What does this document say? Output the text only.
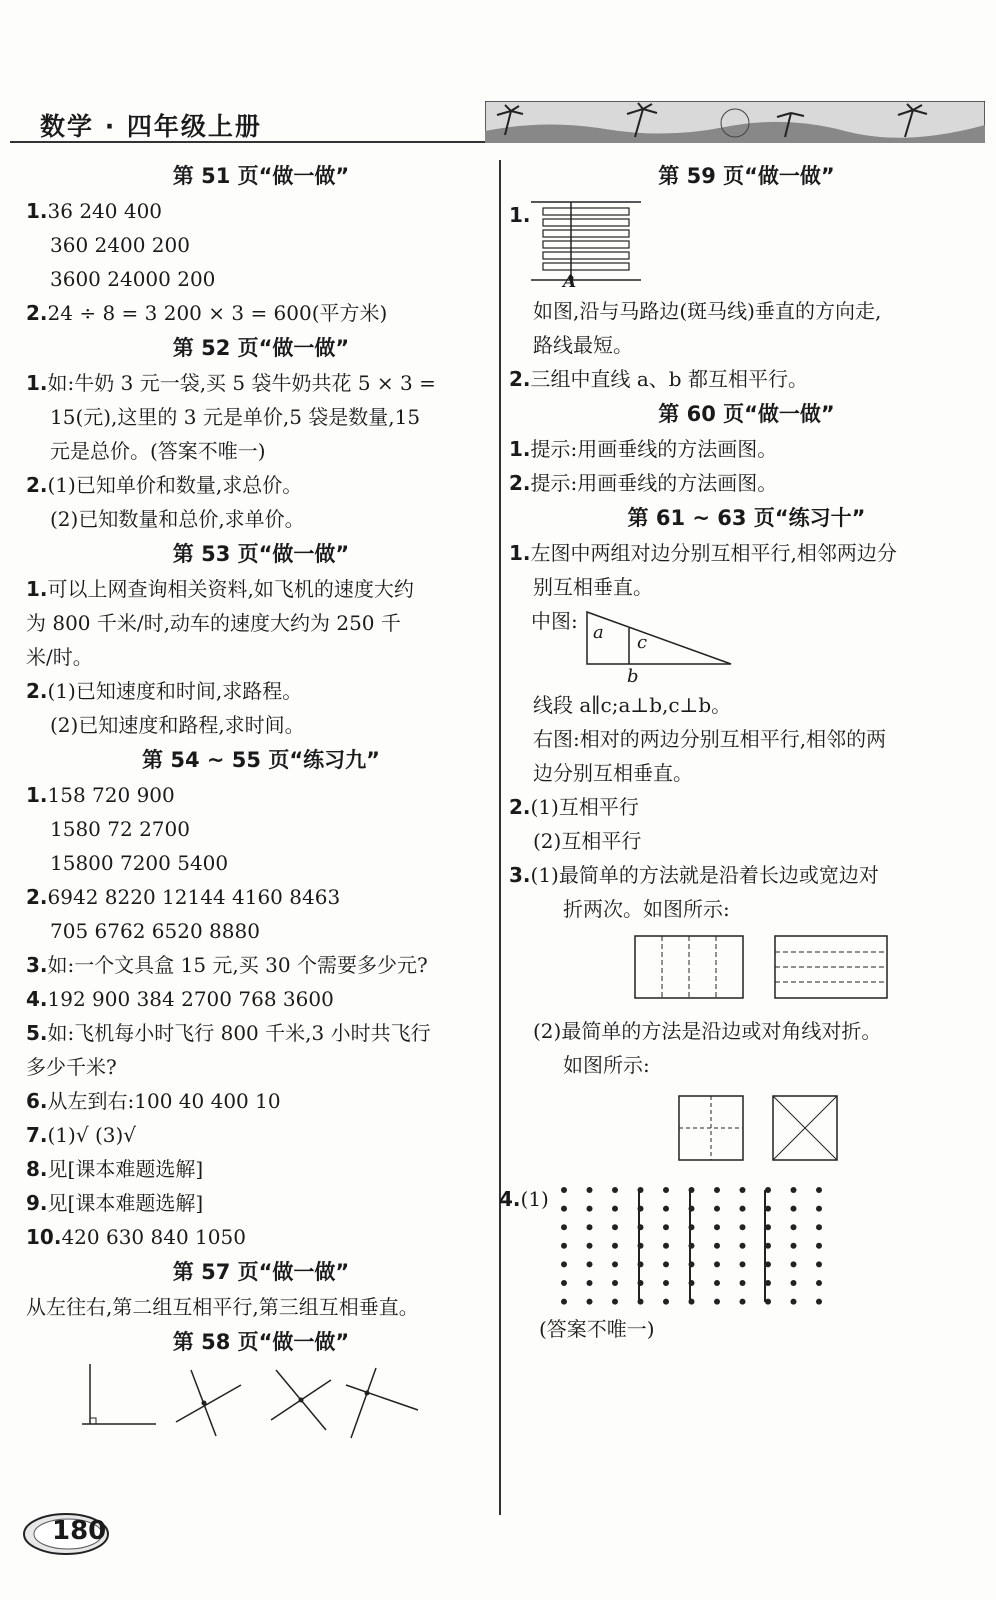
数学 · 四年级上册
第 51 页“做一做”
1.36 240 400
360 2400 200
3600 24000 200
2.24 ÷ 8 = 3 200 × 3 = 600(平方米)
第 52 页“做一做”
1.如:牛奶 3 元一袋,买 5 袋牛奶共花 5 × 3 =
15(元),这里的 3 元是单价,5 袋是数量,15
元是总价。(答案不唯一)
2.(1)已知单价和数量,求总价。
(2)已知数量和总价,求单价。
第 53 页“做一做”
1.可以上网查询相关资料,如飞机的速度大约
为 800 千米/时,动车的速度大约为 250 千
米/时。
2.(1)已知速度和时间,求路程。
(2)已知速度和路程,求时间。
第 54 ~ 55 页“练习九”
1.158 720 900
1580 72 2700
15800 7200 5400
2.6942 8220 12144 4160 8463
705 6762 6520 8880
3.如:一个文具盒 15 元,买 30 个需要多少元?
4.192 900 384 2700 768 3600
5.如:飞机每小时飞行 800 千米,3 小时共飞行
多少千米?
6.从左到右:100 40 400 10
7.(1)√ (3)√
8.见[课本难题选解]
9.见[课本难题选解]
10.420 630 840 1050
第 57 页“做一做”
从左往右,第二组互相平行,第三组互相垂直。
第 58 页“做一做”
第 59 页“做一做”
1.
A
如图,沿与马路边(斑马线)垂直的方向走,
路线最短。
2.三组中直线 a、b 都互相平行。
第 60 页“做一做”
1.提示:用画垂线的方法画图。
2.提示:用画垂线的方法画图。
第 61 ~ 63 页“练习十”
1.左图中两组对边分别互相平行,相邻两边分
别互相垂直。
中图: a c
b
线段 a∥c;a⊥b,c⊥b。
右图:相对的两边分别互相平行,相邻的两
边分别互相垂直。
2.(1)互相平行
(2)互相平行
3.(1)最简单的方法就是沿着长边或宽边对
折两次。如图所示:
(2)最简单的方法是沿边或对角线对折。
如图所示:
4.(1)
(答案不唯一)
180
